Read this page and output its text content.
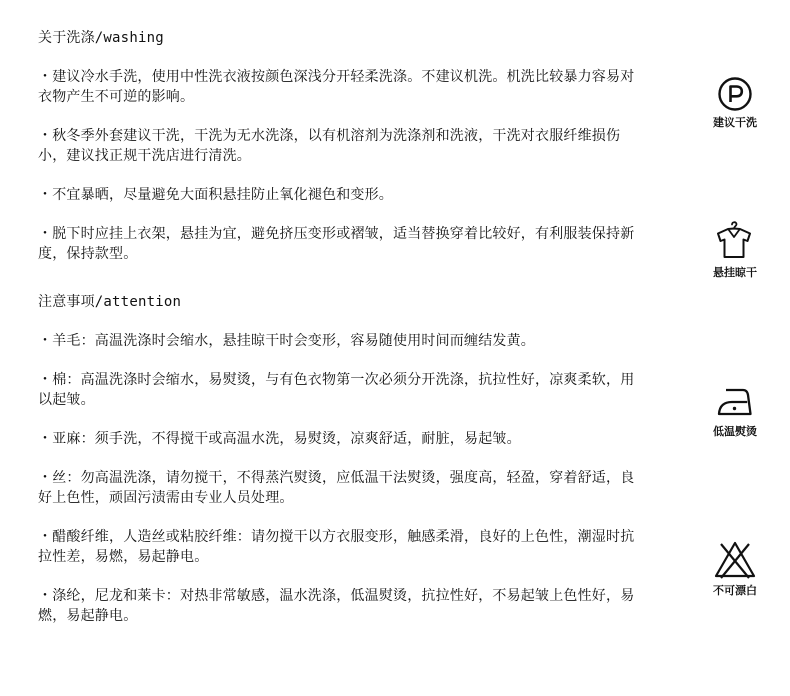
关于洗涤/washing
・建议冷水手洗，使用中性洗衣液按颜色深浅分开轻柔洗涤。不建议机洗。机洗比较暴力容易对衣物产生不可逆的影响。
・秋冬季外套建议干洗，干洗为无水洗涤，以有机溶剂为洗涤剂和洗液，干洗对衣服纤维损伤小，建议找正规干洗店进行清洗。
・不宜暴晒，尽量避免大面积悬挂防止氧化褪色和变形。
・脱下时应挂上衣架，悬挂为宜，避免挤压变形或褶皱，适当替换穿着比较好，有利服装保持新度，保持款型。
注意事项/attention
・羊毛：高温洗涤时会缩水，悬挂晾干时会变形，容易随使用时间而缠结发黄。
・棉：高温洗涤时会缩水，易熨烫，与有色衣物第一次必须分开洗涤，抗拉性好，凉爽柔软，用以起皱。
・亚麻：须手洗，不得搅干或高温水洗，易熨烫，凉爽舒适，耐脏，易起皱。
・丝：勿高温洗涤，请勿搅干，不得蒸汽熨烫，应低温干法熨烫，强度高，轻盈，穿着舒适，良好上色性，顽固污渍需由专业人员处理。
・醋酸纤维，人造丝或粘胶纤维：请勿搅干以方衣服变形，触感柔滑，良好的上色性，潮湿时抗拉性差，易燃，易起静电。
・涤纶，尼龙和莱卡：对热非常敏感，温水洗涤，低温熨烫，抗拉性好，不易起皱上色性好，易燃，易起静电。
建议干洗
悬挂晾干
低温熨烫
不可漂白
